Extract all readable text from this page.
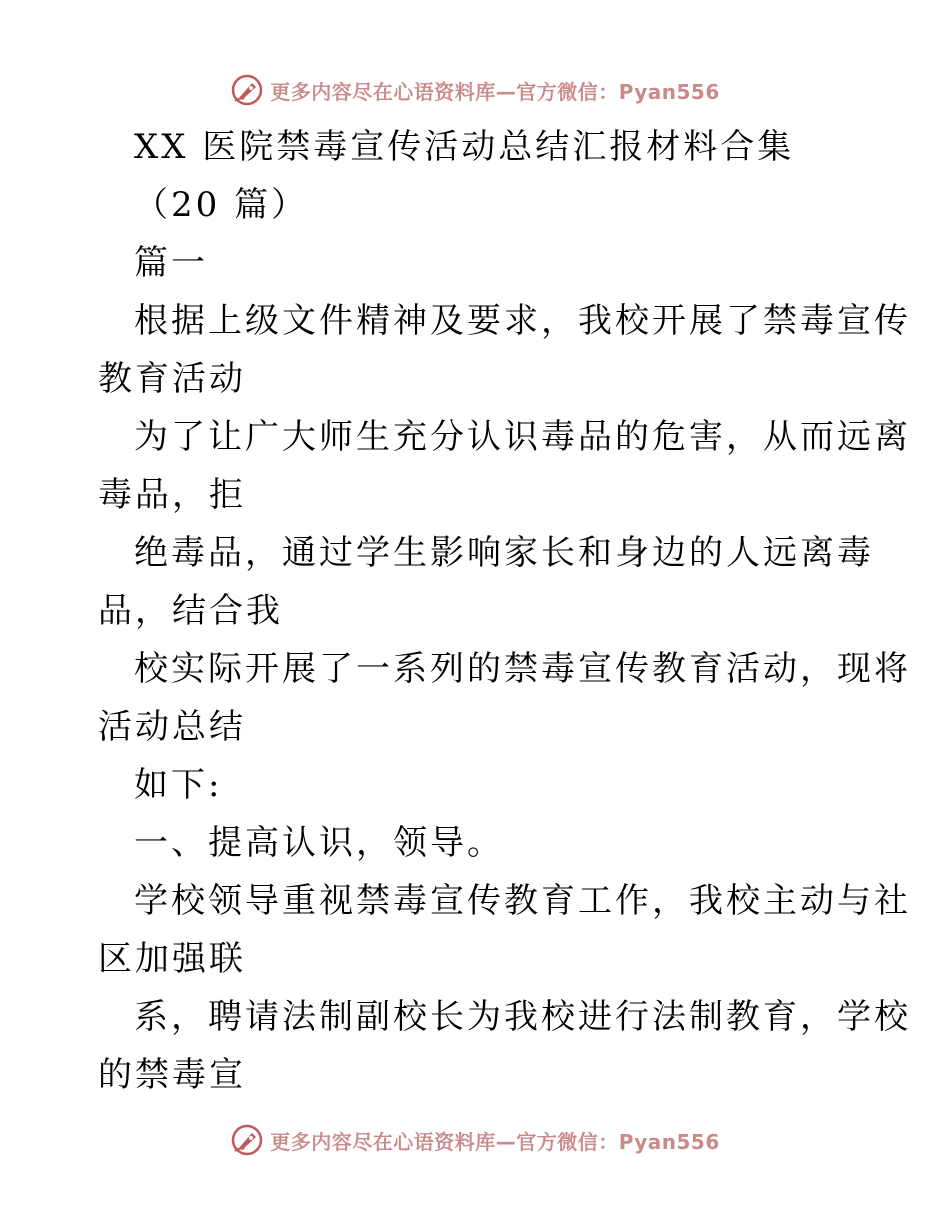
更多内容尽在心语资料库—官方微信：Pyan556
XX 医院禁毒宣传活动总结汇报材料合集
（20 篇）
篇一
根据上级文件精神及要求，我校开展了禁毒宣传
教育活动
为了让广大师生充分认识毒品的危害，从而远离
毒品，拒
绝毒品，通过学生影响家长和身边的人远离毒
品，结合我
校实际开展了一系列的禁毒宣传教育活动，现将
活动总结
如下:
一、提高认识，领导。
学校领导重视禁毒宣传教育工作，我校主动与社
区加强联
系，聘请法制副校长为我校进行法制教育，学校
的禁毒宣
更多内容尽在心语资料库—官方微信：Pyan556
